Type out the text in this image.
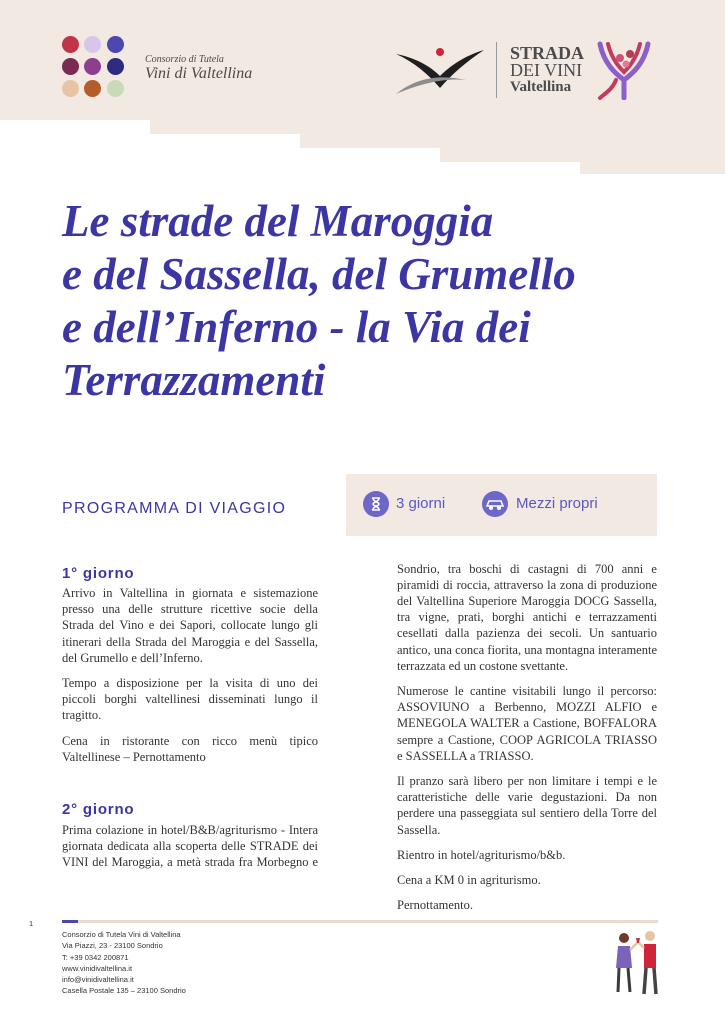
Consorzio di Tutela
Vini di Valtellina
STRADA
DEI VINI
Valtellina
Le strade del Maroggia
e del Sassella, del Grumello
e dell’Inferno - la Via dei
Terrazzamenti
PROGRAMMA DI VIAGGIO	3 giorni	Mezzi propri
1° giorno

Arrivo in Valtellina in giornata e sistemazione presso una delle strutture ricettive socie della Strada del Vino e dei Sapori, collocate lungo gli itinerari della Strada del Maroggia e del Sassella, del Grumello e dell’Inferno.

Tempo a disposizione per la visita di uno dei piccoli borghi valtellinesi disseminati lungo il tragitto.

Cena in ristorante con ricco menù tipico Valtellinese – Pernottamento

2° giorno

Prima colazione in hotel/B&B/agriturismo - Intera giornata dedicata alla scoperta delle STRADE dei VINI del Maroggia, a metà strada fra Morbegno e

Sondrio, tra boschi di castagni di 700 anni e piramidi di roccia, attraverso la zona di produzione del Valtellina Superiore Maroggia DOCG Sassella, tra vigne, prati, borghi antichi e terrazzamenti cesellati dalla pazienza dei secoli. Un santuario antico, una conca fiorita, una montagna interamente terrazzata ed un costone svettante.

Numerose le cantine visitabili lungo il percorso: ASSOVIUNO a Berbenno, MOZZI ALFIO e MENEGOLA WALTER a Castione, BOFFALORA sempre a Castione, COOP AGRICOLA TRIASSO e SASSELLA a TRIASSO.

Il pranzo sarà libero per non limitare i tempi e le caratteristiche delle varie degustazioni. Da non perdere una passeggiata sul sentiero della Torre del Sassella.

Rientro in hotel/agriturismo/b&b.

Cena a KM 0 in agriturismo.

Pernottamento.

1
Consorzio di Tutela Vini di Valtellina
Via Piazzi, 23 - 23100 Sondrio
T: +39 0342 200871
www.vinidivaltellina.it
info@vinidivaltellina.it
Casella Postale 135 – 23100 Sondrio
